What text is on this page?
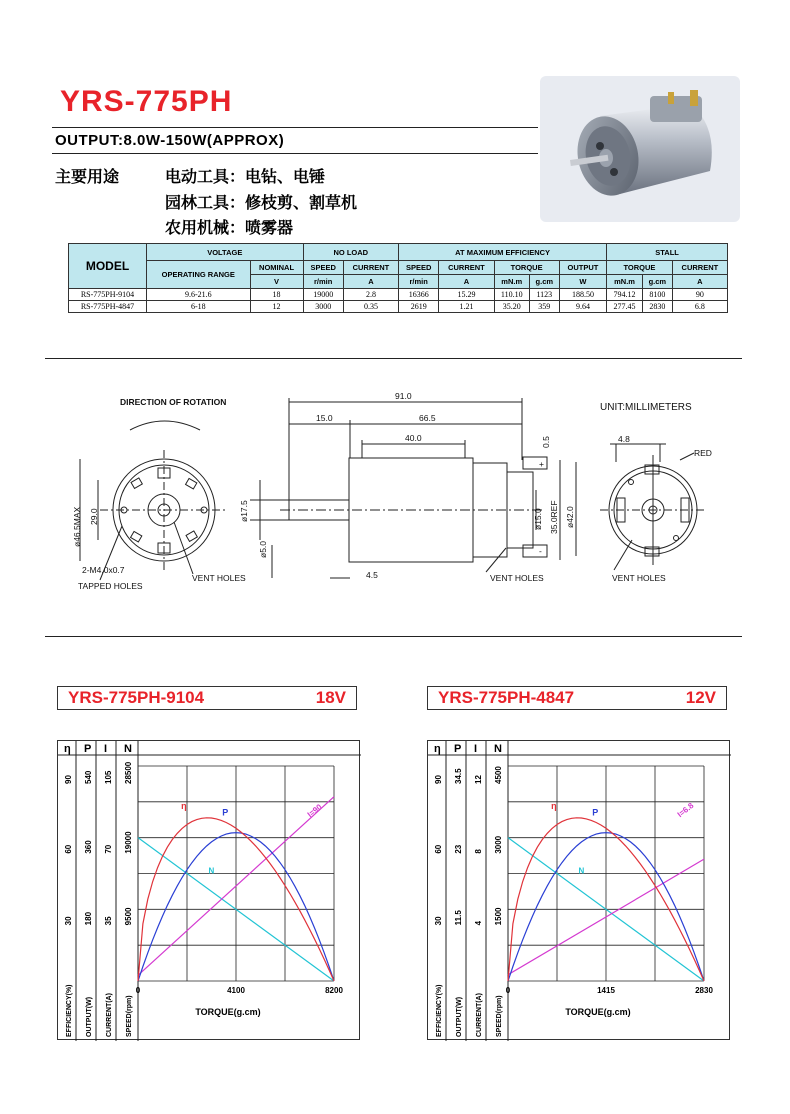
YRS-775PH
OUTPUT:8.0W-150W(APPROX)
主要用途	电动工具：电钻、电锤
园林工具：修枝剪、割草机
农用机械：喷雾器
MODEL	VOLTAGE		NO LOAD		AT MAXIMUM EFFICIENCY					STALL		
	OPERATING RANGE	NOMINAL	SPEED	CURRENT	SPEED	CURRENT	TORQUE		OUTPUT	TORQUE		CURRENT
		V	r/min	A	r/min	A	mN.m	g.cm	W	mN.m	g.cm	A
RS-775PH-9104	9.6-21.6	18	19000	2.8	16366	15.29	110.10	1123	188.50	794.12	8100	90
RS-775PH-4847	6-18	12	3000	0.35	2619	1.21	35.20	359	9.64	277.45	2830	6.8
DIRECTION OF ROTATION	UNIT:MILLIMETERS
ø46.5MAX 29.0
2-M4.0x0.7
TAPPED HOLES
VENT HOLES
91.0
15.0	66.5
40.0	0.5
ø17.5
ø5.0
4.5
ø15.0 35.0REF ø42.0
+
-
VENT HOLES
4.8
RED
VENT HOLES
YRS-775PH-9104	18V
η P I N
90
60
30
540
360
180
105
70
35
28500
19000
9500
EFFICIENCY(%) OUTPUT(W) CURRENT(A) SPEED(rpm)
0	4100	8200
TORQUE(g.cm)
η
P
N
I=90
YRS-775PH-4847	12V
η P I N
90
60
30
34.5
23
11.5
12
8
4
4500
3000
1500
EFFICIENCY(%) OUTPUT(W) CURRENT(A) SPEED(rpm)
0	1415	2830
TORQUE(g.cm)
η
P
N
I=6.8
